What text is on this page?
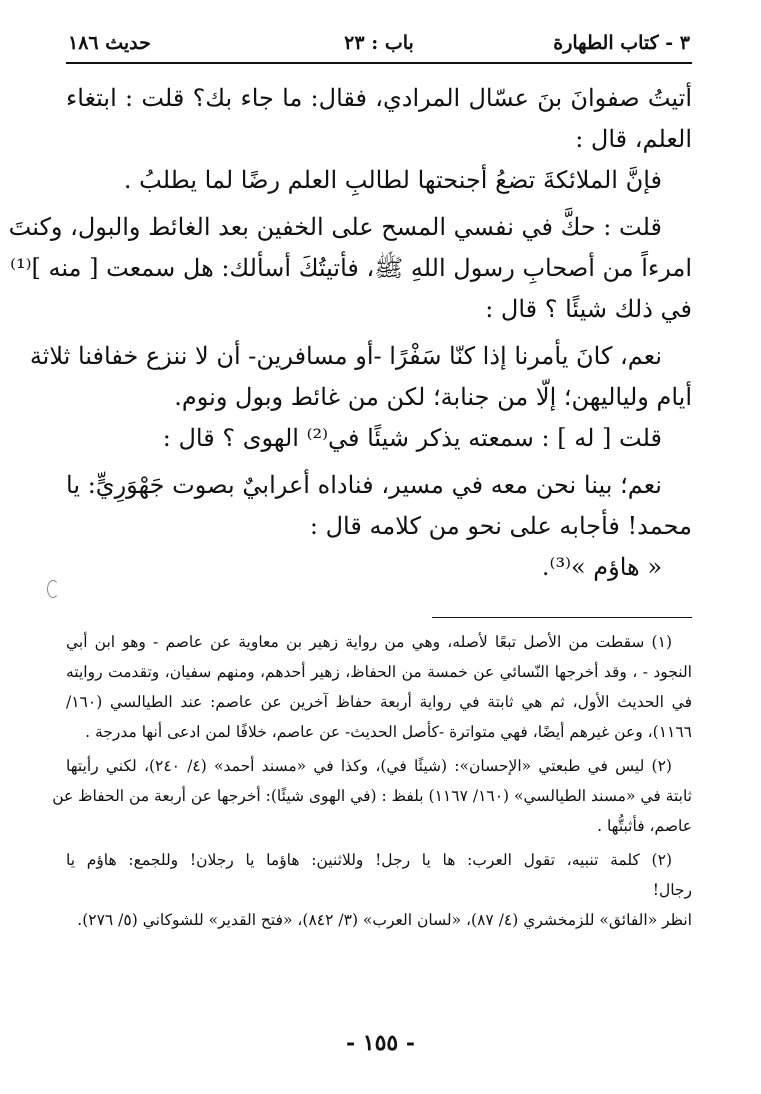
٣ - كتاب الطهارة
باب : ٢٣
حديث ١٨٦
أتيتُ صفوانَ بنَ عسّال المرادي، فقال: ما جاء بك؟ قلت : ابتغاء
العلم، قال :
فإنَّ الملائكةَ تضعُ أجنحتها لطالبِ العلم رضًا لما يطلبُ .
قلت : حكَّ في نفسي المسح على الخفين بعد الغائط والبول، وكنتَ
امرءاً من أصحابِ رسول اللهِ ﷺ، فأتيتُكَ أسألك: هل سمعت [ منه ]⁽¹⁾
في ذلك شيئًا ؟ قال :
نعم، كانَ يأمرنا إذا كنّا سَفْرًا -أو مسافرين- أن لا ننزع خفافنا ثلاثة
أيام ولياليهن؛ إلّا من جنابة؛ لكن من غائط وبول ونوم.
قلت [ له ] : سمعته يذكر شيئًا في⁽²⁾ الهوى ؟ قال :
نعم؛ بينا نحن معه في مسير، فناداه أعرابيٌ بصوت جَهْوَرِيٍّ: يا
محمد! فأجابه على نحو من كلامه قال :
« هاؤم »⁽³⁾.
(١) سقطت من الأصل تبعًا لأصله، وهي من رواية زهير بن معاوية عن عاصم - وهو ابن أبي
النجود - ، وقد أخرجها النّسائي عن خمسة من الحفاظ، زهير أحدهم، ومنهم سفيان، وتقدمت روايته
في الحديث الأول، ثم هي ثابتة في رواية أربعة حفاظ آخرين عن عاصم: عند الطيالسي (١٦٠/
١١٦٦)، وعن غيرهم أيضًا، فهي متواترة -كأصل الحديث- عن عاصم، خلافًا لمن ادعى أنها مدرجة .
(٢) ليس في طبعتي «الإحسان»: (شيئًا في)، وكذا في «مسند أحمد» (٤/ ٢٤٠)، لكني رأيتها
ثابتة في «مسند الطيالسي» (١٦٠/ ١١٦٧) بلفظ : (في الهوى شيئًا): أخرجها عن أربعة من الحفاظ عن
عاصم، فأثبتُّها .
(٢) كلمة تنبيه، تقول العرب: ها يا رجل! وللاثنين: هاؤما يا رجلان! وللجمع: هاؤم يا
رجال!
انظر «الفائق» للزمخشري (٤/ ٨٧)، «لسان العرب» (٣/ ٨٤٢)، «فتح القدير» للشوكاني (٥/ ٢٧٦).
- ١٥٥ -
